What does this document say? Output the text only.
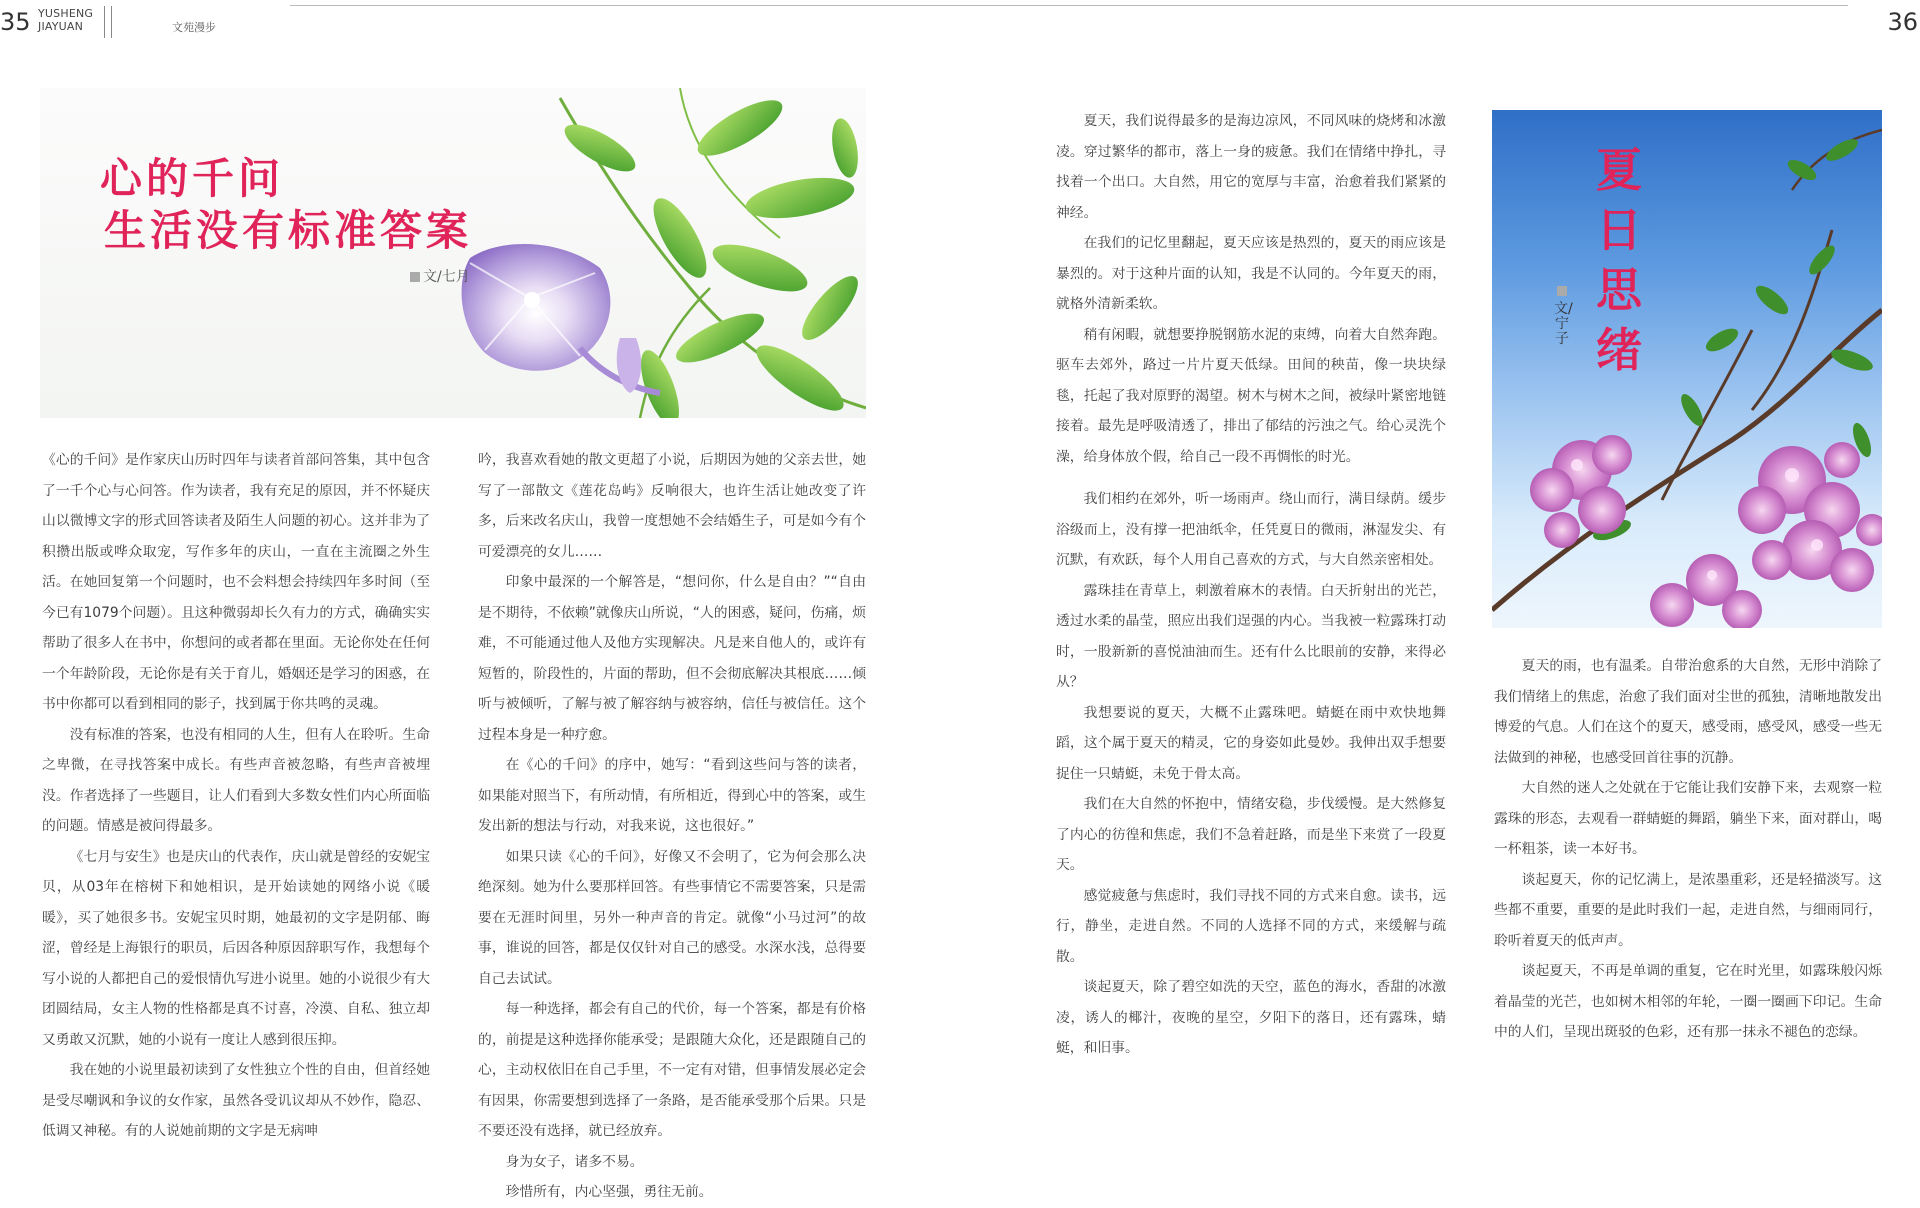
35 YUSHENG
JIAYUAN	文苑漫步	36
心的千问
生活没有标准答案
文/七月

《心的千问》是作家庆山历时四年与读者首部问答集，其中包含了一千个心与心问答。作为读者，我有充足的原因，并不怀疑庆山以微博文字的形式回答读者及陌生人问题的初心。这并非为了积攒出版或哗众取宠，写作多年的庆山，一直在主流圈之外生活。在她回复第一个问题时，也不会料想会持续四年多时间（至今已有1079个问题）。且这种微弱却长久有力的方式，确确实实帮助了很多人在书中，你想问的或者都在里面。无论你处在任何一个年龄阶段，无论你是有关于育儿，婚姻还是学习的困惑，在书中你都可以看到相同的影子，找到属于你共鸣的灵魂。

没有标准的答案，也没有相同的人生，但有人在聆听。生命之卑微，在寻找答案中成长。有些声音被忽略，有些声音被埋没。作者选择了一些题目，让人们看到大多数女性们内心所面临的问题。情感是被问得最多。

《七月与安生》也是庆山的代表作，庆山就是曾经的安妮宝贝，从03年在榕树下和她相识，是开始读她的网络小说《暖暖》，买了她很多书。安妮宝贝时期，她最初的文字是阴郁、晦涩，曾经是上海银行的职员，后因各种原因辞职写作，我想每个写小说的人都把自己的爱恨情仇写进小说里。她的小说很少有大团圆结局，女主人物的性格都是真不讨喜，冷漠、自私、独立却又勇敢又沉默，她的小说有一度让人感到很压抑。

我在她的小说里最初读到了女性独立个性的自由，但首经她是受尽嘲讽和争议的女作家，虽然各受讥议却从不妙作，隐忍、低调又神秘。有的人说她前期的文字是无病呻

吟，我喜欢看她的散文更超了小说，后期因为她的父亲去世，她写了一部散文《莲花岛屿》反响很大，也许生活让她改变了许多，后来改名庆山，我曾一度想她不会结婚生子，可是如今有个可爱漂亮的女儿……

印象中最深的一个解答是，“想问你，什么是自由？”“自由是不期待，不依赖”就像庆山所说，“人的困惑，疑问，伤痛，烦难，不可能通过他人及他方实现解决。凡是来自他人的，或许有短暂的，阶段性的，片面的帮助，但不会彻底解决其根底……倾听与被倾听，了解与被了解容纳与被容纳，信任与被信任。这个过程本身是一种疗愈。

在《心的千问》的序中，她写：“看到这些问与答的读者，如果能对照当下，有所动情，有所相近，得到心中的答案，或生发出新的想法与行动，对我来说，这也很好。”

如果只读《心的千问》，好像又不会明了，它为何会那么决绝深刻。她为什么要那样回答。有些事情它不需要答案，只是需要在无涯时间里，另外一种声音的肯定。就像“小马过河”的故事，谁说的回答，都是仅仅针对自己的感受。水深水浅，总得要自己去试试。

每一种选择，都会有自己的代价，每一个答案，都是有价格的，前提是这种选择你能承受；是跟随大众化，还是跟随自己的心，主动权依旧在自己手里，不一定有对错，但事情发展必定会有因果，你需要想到选择了一条路，是否能承受那个后果。只是不要还没有选择，就已经放弃。

身为女子，诸多不易。

珍惜所有，内心坚强，勇往无前。

夏天，我们说得最多的是海边凉风，不同风味的烧烤和冰激凌。穿过繁华的都市，落上一身的疲惫。我们在情绪中挣扎，寻找着一个出口。大自然，用它的宽厚与丰富，治愈着我们紧紧的神经。

在我们的记忆里翻起，夏天应该是热烈的，夏天的雨应该是暴烈的。对于这种片面的认知，我是不认同的。今年夏天的雨，就格外清新柔软。

稍有闲暇，就想要挣脱钢筋水泥的束缚，向着大自然奔跑。驱车去郊外，路过一片片夏天低绿。田间的秧苗，像一块块绿毯，托起了我对原野的渴望。树木与树木之间，被绿叶紧密地链接着。最先是呼吸清透了，排出了郁结的污浊之气。给心灵洗个澡，给身体放个假，给自己一段不再惆怅的时光。

我们相约在郊外，听一场雨声。绕山而行，满目绿荫。缓步浴级而上，没有撑一把油纸伞，任凭夏日的微雨，淋湿发尖、有沉默，有欢跃，每个人用自己喜欢的方式，与大自然亲密相处。

露珠挂在青草上，刺激着麻木的表情。白天折射出的光芒，透过水柔的晶莹，照应出我们逞强的内心。当我被一粒露珠打动时，一股新新的喜悦油油而生。还有什么比眼前的安静，来得必从？

我想要说的夏天，大概不止露珠吧。蜻蜓在雨中欢快地舞蹈，这个属于夏天的精灵，它的身姿如此曼妙。我伸出双手想要捉住一只蜻蜓，未免于骨太高。

我们在大自然的怀抱中，情绪安稳，步伐缓慢。是大然修复了内心的彷徨和焦虑，我们不急着赶路，而是坐下来赏了一段夏天。

感觉疲惫与焦虑时，我们寻找不同的方式来自愈。读书，远行，静坐，走进自然。不同的人选择不同的方式，来缓解与疏散。

谈起夏天，除了碧空如洗的天空，蓝色的海水，香甜的冰激凌，诱人的椰汁，夜晚的星空，夕阳下的落日，还有露珠，蜻蜓，和旧事。

夏日思绪
文/宁子

夏天的雨，也有温柔。自带治愈系的大自然，无形中消除了我们情绪上的焦虑，治愈了我们面对尘世的孤独，清晰地散发出博爱的气息。人们在这个的夏天，感受雨，感受风，感受一些无法做到的神秘，也感受回首往事的沉静。

大自然的迷人之处就在于它能让我们安静下来，去观察一粒露珠的形态，去观看一群蜻蜓的舞蹈，躺坐下来，面对群山，喝一杯粗茶，读一本好书。

谈起夏天，你的记忆满上，是浓墨重彩，还是轻描淡写。这些都不重要，重要的是此时我们一起，走进自然，与细雨同行，聆听着夏天的低声声。

谈起夏天，不再是单调的重复，它在时光里，如露珠般闪烁着晶莹的光芒，也如树木相邻的年轮，一圈一圈画下印记。生命中的人们，呈现出斑驳的色彩，还有那一抹永不褪色的恋绿。
